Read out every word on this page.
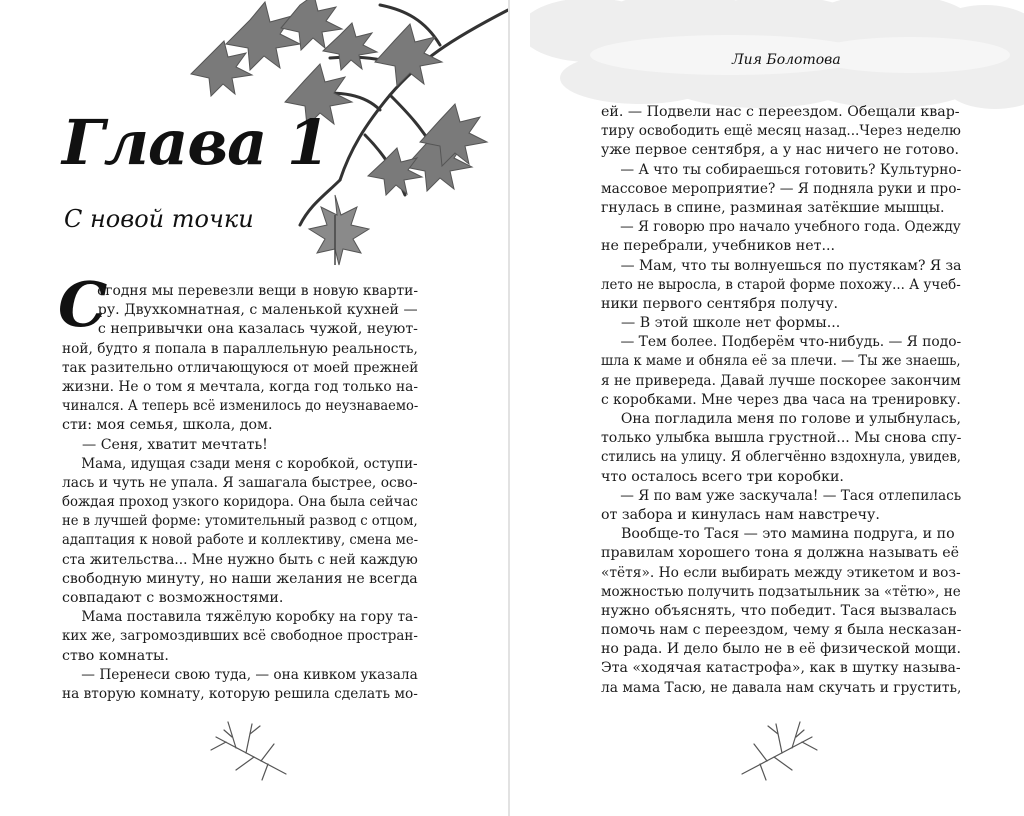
Глава 1
С новой точки
С
егодня мы перевезли вещи в новую кварти-
ру. Двухкомнатная, с маленькой кухней —
с непривычки она казалась чужой, неуют-
ной, будто я попала в параллельную реальность,
так разительно отличающуюся от моей прежней
жизни. Не о том я мечтала, когда год только на-
чинался. А теперь всё изменилось до неузнаваемо-
сти: моя семья, школа, дом.
— Сеня, хватит мечтать!
Мама, идущая сзади меня с коробкой, оступи-
лась и чуть не упала. Я зашагала быстрее, осво-
бождая проход узкого коридора. Она была сейчас
не в лучшей форме: утомительный развод с отцом,
адаптация к новой работе и коллективу, смена ме-
ста жительства... Мне нужно быть с ней каждую
свободную минуту, но наши желания не всегда
совпадают с возможностями.
Мама поставила тяжёлую коробку на гору та-
ких же, загромоздивших всё свободное простран-
ство комнаты.
— Перенеси свою туда, — она кивком указала
на вторую комнату, которую решила сделать мо-
Лия Болотова
ей. — Подвели нас с переездом. Обещали квар-
тиру освободить ещё месяц назад...Через неделю
уже первое сентября, а у нас ничего не готово.
— А что ты собираешься готовить? Культурно-
массовое мероприятие? — Я подняла руки и про-
гнулась в спине, разминая затёкшие мышцы.
— Я говорю про начало учебного года. Одежду
не перебрали, учебников нет...
— Мам, что ты волнуешься по пустякам? Я за
лето не выросла, в старой форме похожу... А учеб-
ники первого сентября получу.
— В этой школе нет формы...
— Тем более. Подберём что-нибудь. — Я подо-
шла к маме и обняла её за плечи. — Ты же знаешь,
я не привереда. Давай лучше поскорее закончим
с коробками. Мне через два часа на тренировку.
Она погладила меня по голове и улыбнулась,
только улыбка вышла грустной... Мы снова спу-
стились на улицу. Я облегчённо вздохнула, увидев,
что осталось всего три коробки.
— Я по вам уже заскучала! — Тася отлепилась
от забора и кинулась нам навстречу.
Вообще-то Тася — это мамина подруга, и по
правилам хорошего тона я должна называть её
«тётя». Но если выбирать между этикетом и воз-
можностью получить подзатыльник за «тётю», не
нужно объяснять, что победит. Тася вызвалась
помочь нам с переездом, чему я была несказан-
но рада. И дело было не в её физической мощи.
Эта «ходячая катастрофа», как в шутку называ-
ла мама Тасю, не давала нам скучать и грустить,
